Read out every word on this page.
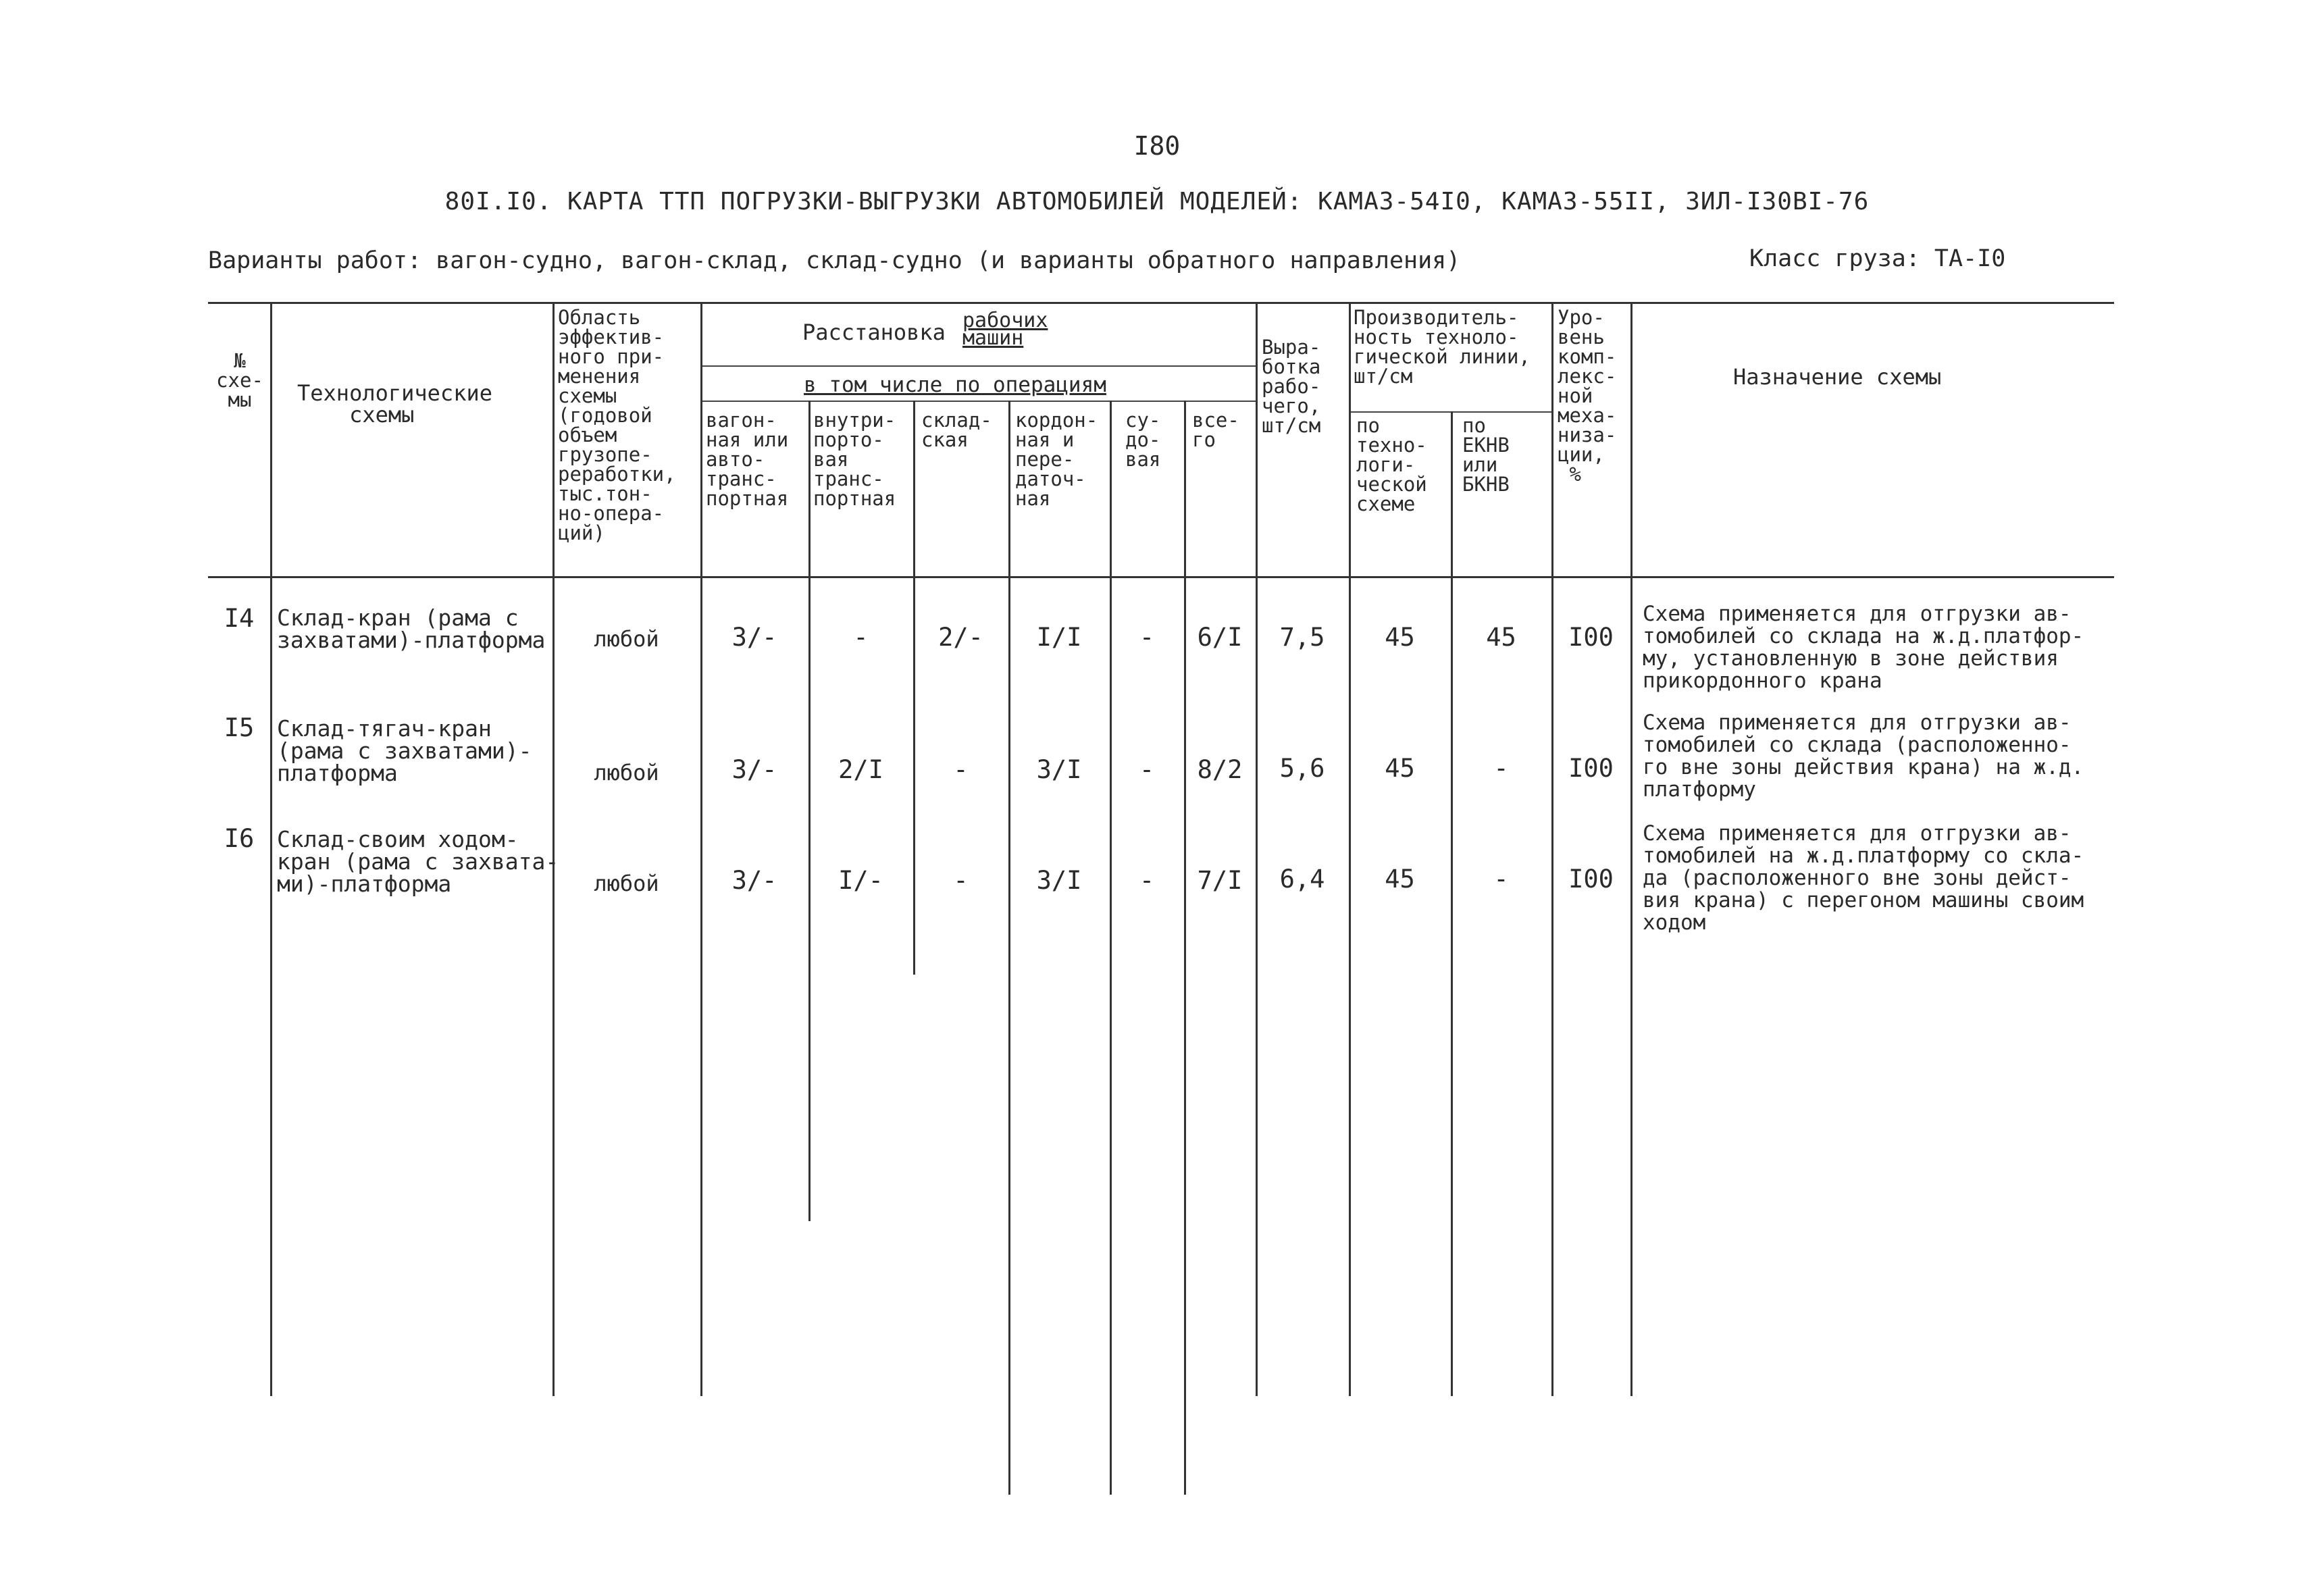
I80
80I.I0. КАРТА ТТП ПОГРУЗКИ-ВЫГРУЗКИ АВТОМОБИЛЕЙ МОДЕЛЕЙ: КАМАЗ-54I0, КАМАЗ-55II, ЗИЛ-I30ВI-76
Варианты работ: вагон-судно, вагон-склад, склад-судно (и варианты обратного направления)	Класс груза: ТА-I0
№
схе-
мы	Технологические
схемы
Область
эффектив-
ного при-
менения
схемы
(годовой
объем
грузопе-
реработки,
тыс.тон-
но-опера-
ций)
Расстановка рабочих
машин
в том числе по операциям
вагон-
ная или
авто-
транс-
портная
внутри-
порто-
вая
транс-
портная
склад-
ская
кордон-
ная и
пере-
даточ-
ная
су-
до-
вая
все-
го
Выра-
ботка
рабо-
чего,
шт/см
Производитель-
ность техноло-
гической линии,
шт/см
по
техно-
логи-
ческой
схеме
по
ЕКНВ
или
БКНВ
Уро-
вень
комп-
лекс-
ной
меха-
низа-
ции,
%
Назначение схемы
I4	Склад-кран (рама с
захватами)-платформа	любой	3/-	-	2/-	I/I	-	6/I	7,5	45	45	I00
Схема применяется для отгрузки ав-
томобилей со склада на ж.д.платфор-
му, установленную в зоне действия
прикордонного крана
I5	Склад-тягач-кран
(рама с захватами)-
платформа	любой	3/-	2/I	-	3/I	-	8/2	5,6	45	-	I00
Схема применяется для отгрузки ав-
томобилей со склада (расположенно-
го вне зоны действия крана) на ж.д.
платформу
I6	Склад-своим ходом-
кран (рама с захвата-
ми)-платформа	любой	3/-	I/-	-	3/I	-	7/I	6,4	45	-	I00
Схема применяется для отгрузки ав-
томобилей на ж.д.платформу со скла-
да (расположенного вне зоны дейст-
вия крана) с перегоном машины своим
ходом
